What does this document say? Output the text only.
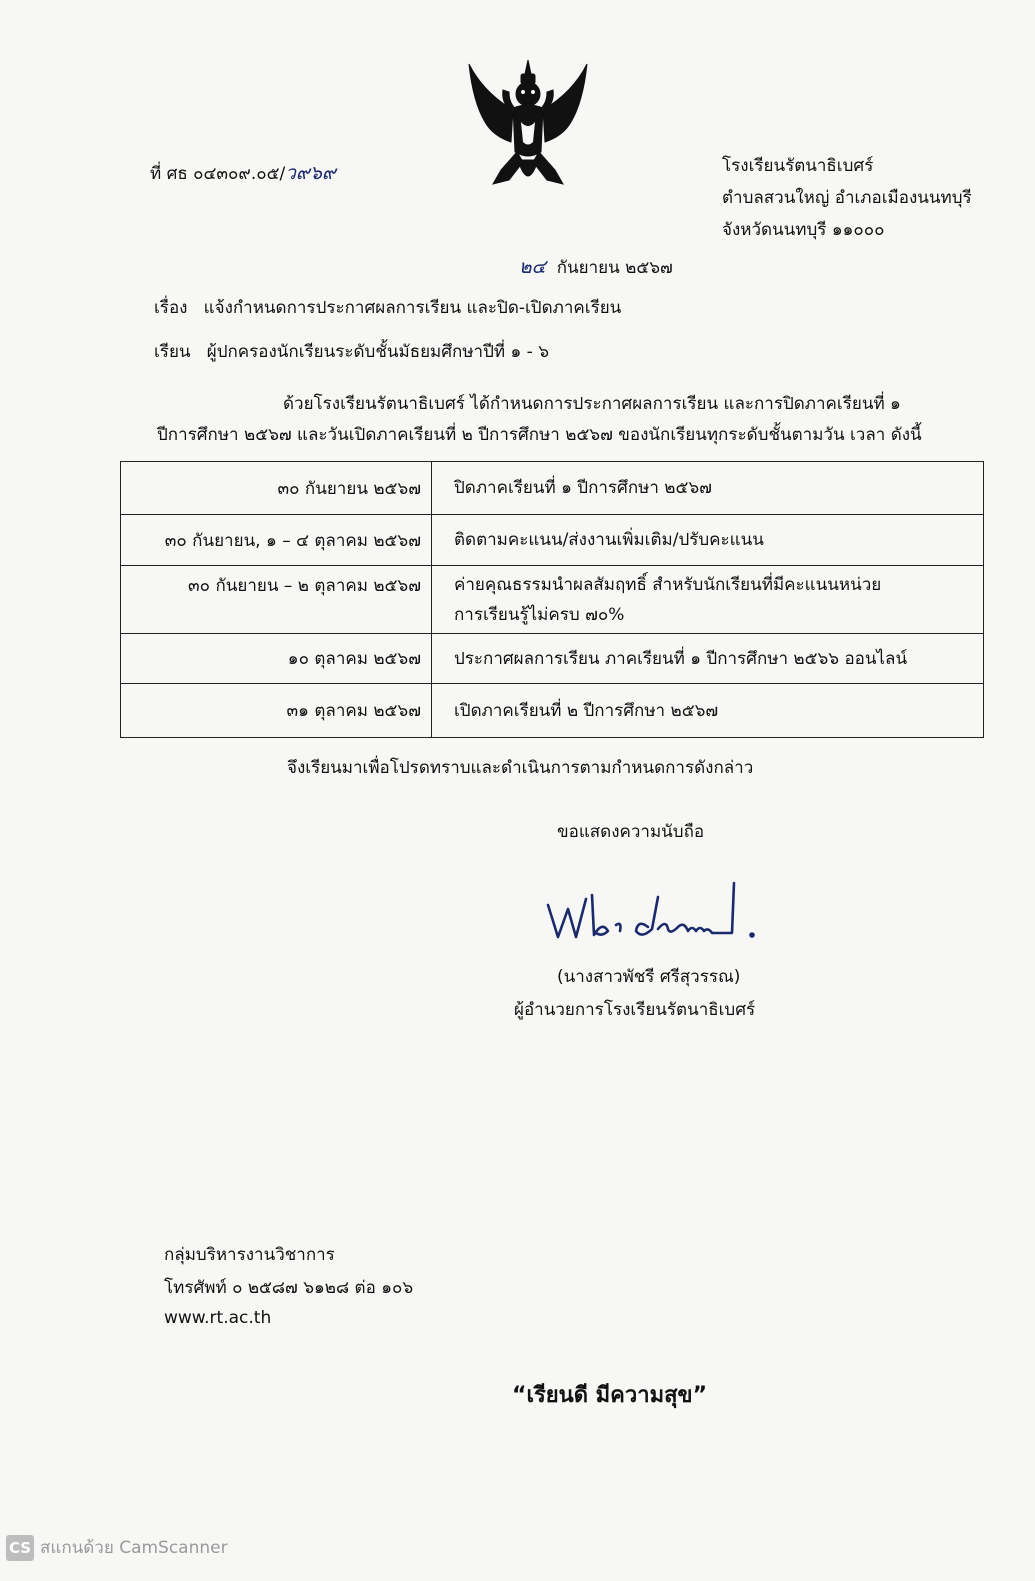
ที่ ศธ ๐๔๓๐๙.๐๕/ว๙๖๙	โรงเรียนรัตนาธิเบศร์
ตำบลสวนใหญ่ อำเภอเมืองนนทบุรี
จังหวัดนนทบุรี ๑๑๐๐๐
๒๔ กันยายน ๒๕๖๗
เรื่อง แจ้งกำหนดการประกาศผลการเรียน และปิด-เปิดภาคเรียน
เรียน ผู้ปกครองนักเรียนระดับชั้นมัธยมศึกษาปีที่ ๑ - ๖
ด้วยโรงเรียนรัตนาธิเบศร์ ได้กำหนดการประกาศผลการเรียน และการปิดภาคเรียนที่ ๑
ปีการศึกษา ๒๕๖๗ และวันเปิดภาคเรียนที่ ๒ ปีการศึกษา ๒๕๖๗ ของนักเรียนทุกระดับชั้นตามวัน เวลา ดังนี้
๓๐ กันยายน ๒๕๖๗	ปิดภาคเรียนที่ ๑ ปีการศึกษา ๒๕๖๗
๓๐ กันยายน, ๑ – ๔ ตุลาคม ๒๕๖๗	ติดตามคะแนน/ส่งงานเพิ่มเติม/ปรับคะแนน
๓๐ กันยายน – ๒ ตุลาคม ๒๕๖๗	ค่ายคุณธรรมนำผลสัมฤทธิ์ สำหรับนักเรียนที่มีคะแนนหน่วย
การเรียนรู้ไม่ครบ ๗๐%

๑๐ ตุลาคม ๒๕๖๗	ประกาศผลการเรียน ภาคเรียนที่ ๑ ปีการศึกษา ๒๕๖๖ ออนไลน์
๓๑ ตุลาคม ๒๕๖๗	เปิดภาคเรียนที่ ๒ ปีการศึกษา ๒๕๖๗
จึงเรียนมาเพื่อโปรดทราบและดำเนินการตามกำหนดการดังกล่าว
ขอแสดงความนับถือ
(นางสาวพัชรี ศรีสุวรรณ)
ผู้อำนวยการโรงเรียนรัตนาธิเบศร์
กลุ่มบริหารงานวิชาการ
โทรศัพท์ ๐ ๒๕๘๗ ๖๑๒๘ ต่อ ๑๐๖
www.rt.ac.th
“เรียนดี มีความสุข”
CS สแกนด้วย CamScanner
